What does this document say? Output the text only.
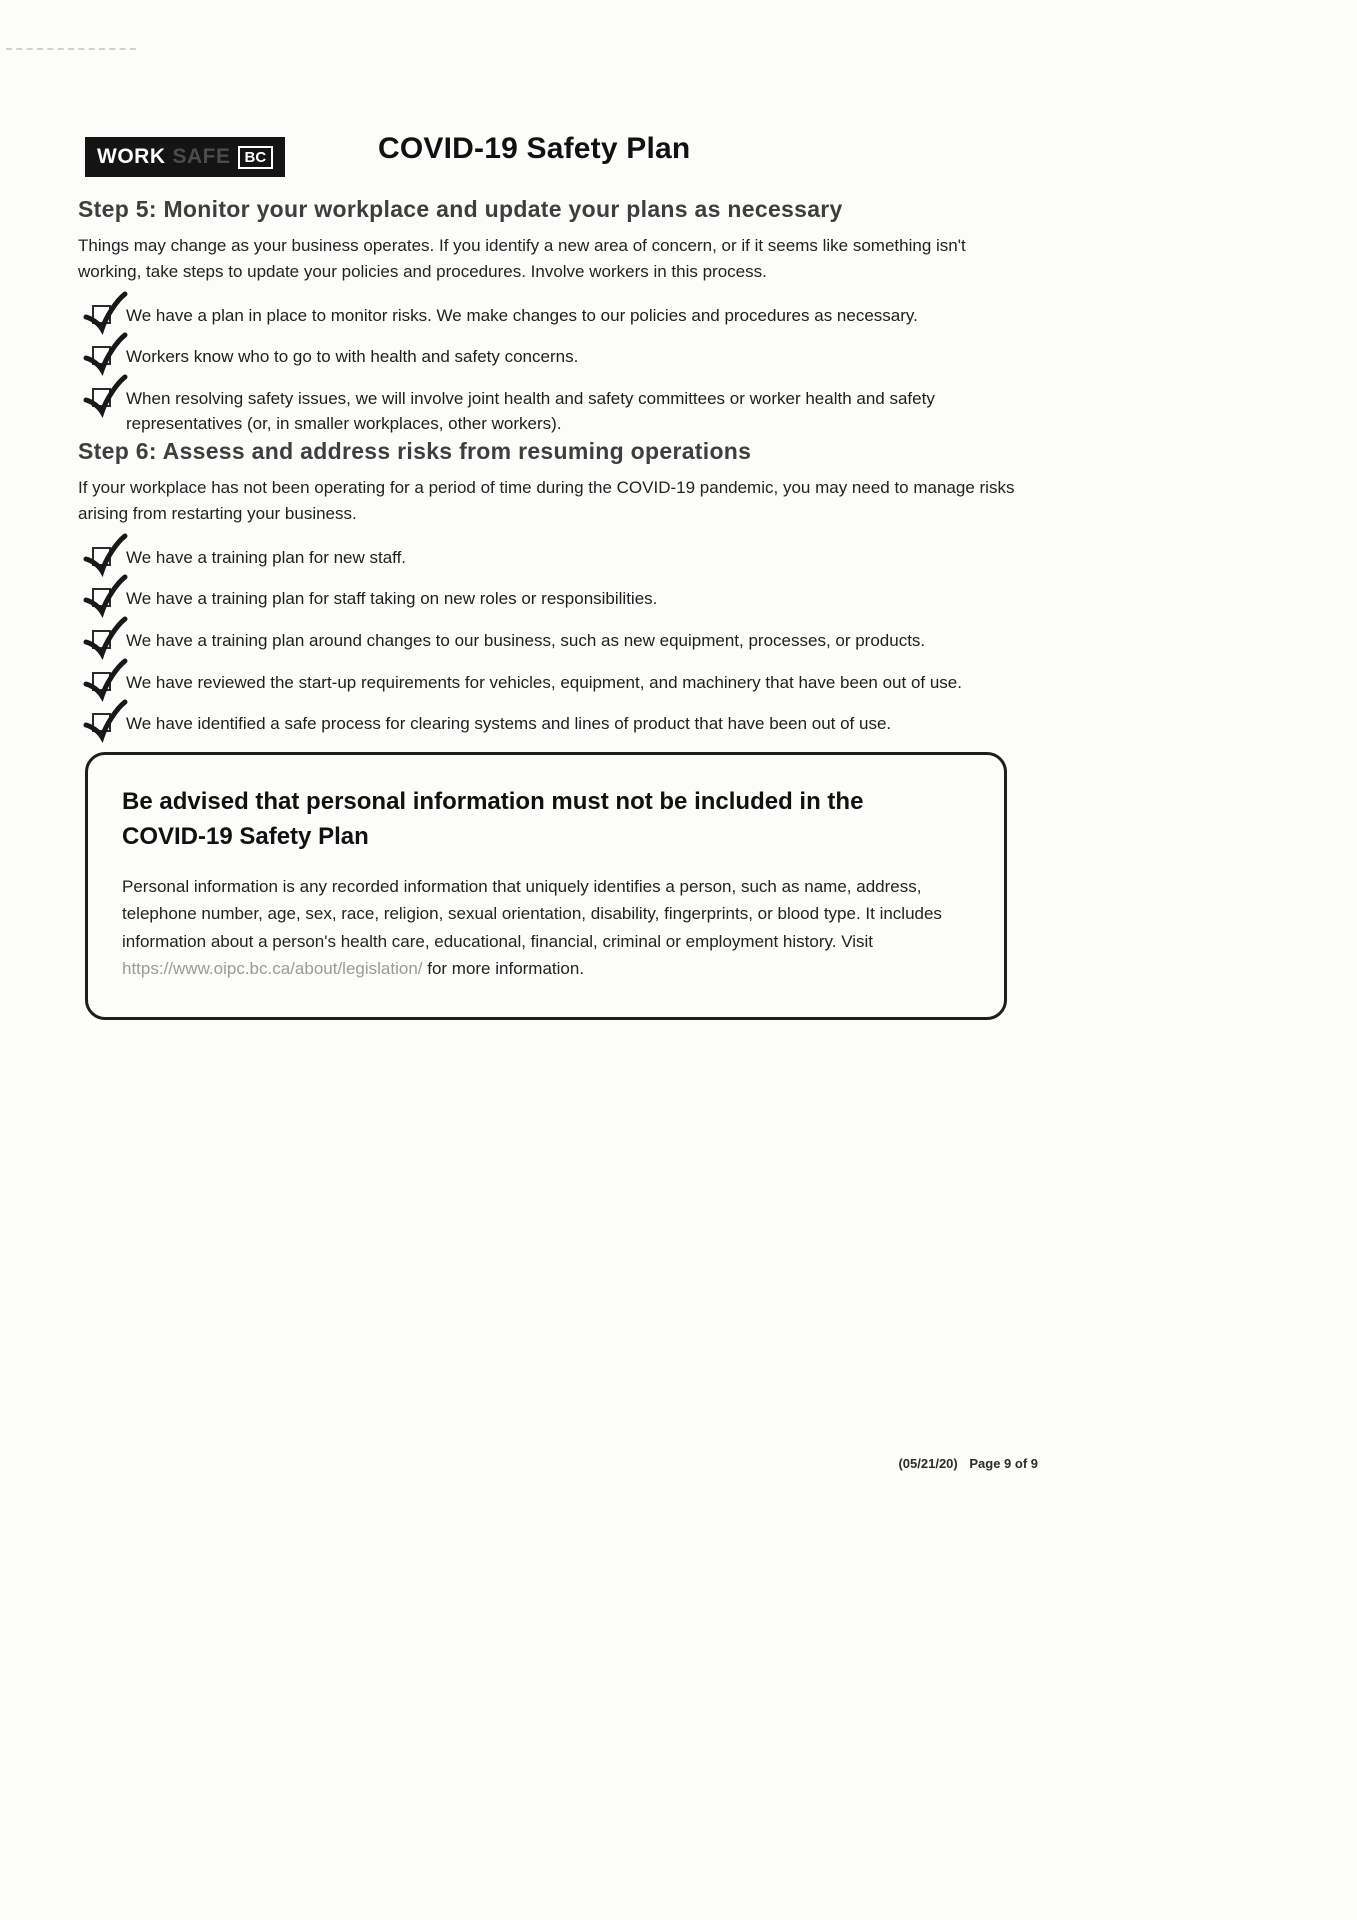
WORK SAFE BC	COVID-19 Safety Plan
Step 5: Monitor your workplace and update your plans as necessary

Things may change as your business operates. If you identify a new area of concern, or if it seems like something isn't working, take steps to update your policies and procedures. Involve workers in this process.

We have a plan in place to monitor risks. We make changes to our policies and procedures as necessary.
Workers know who to go to with health and safety concerns.
When resolving safety issues, we will involve joint health and safety committees or worker health and safety representatives (or, in smaller workplaces, other workers).
Step 6: Assess and address risks from resuming operations

If your workplace has not been operating for a period of time during the COVID-19 pandemic, you may need to manage risks arising from restarting your business.

We have a training plan for new staff.
We have a training plan for staff taking on new roles or responsibilities.
We have a training plan around changes to our business, such as new equipment, processes, or products.
We have reviewed the start-up requirements for vehicles, equipment, and machinery that have been out of use.
We have identified a safe process for clearing systems and lines of product that have been out of use.
Be advised that personal information must not be included in the COVID-19 Safety Plan

Personal information is any recorded information that uniquely identifies a person, such as name, address, telephone number, age, sex, race, religion, sexual orientation, disability, fingerprints, or blood type. It includes information about a person's health care, educational, financial, criminal or employment history. Visit https://www.oipc.bc.ca/about/legislation/ for more information.

(05/21/20) Page 9 of 9
